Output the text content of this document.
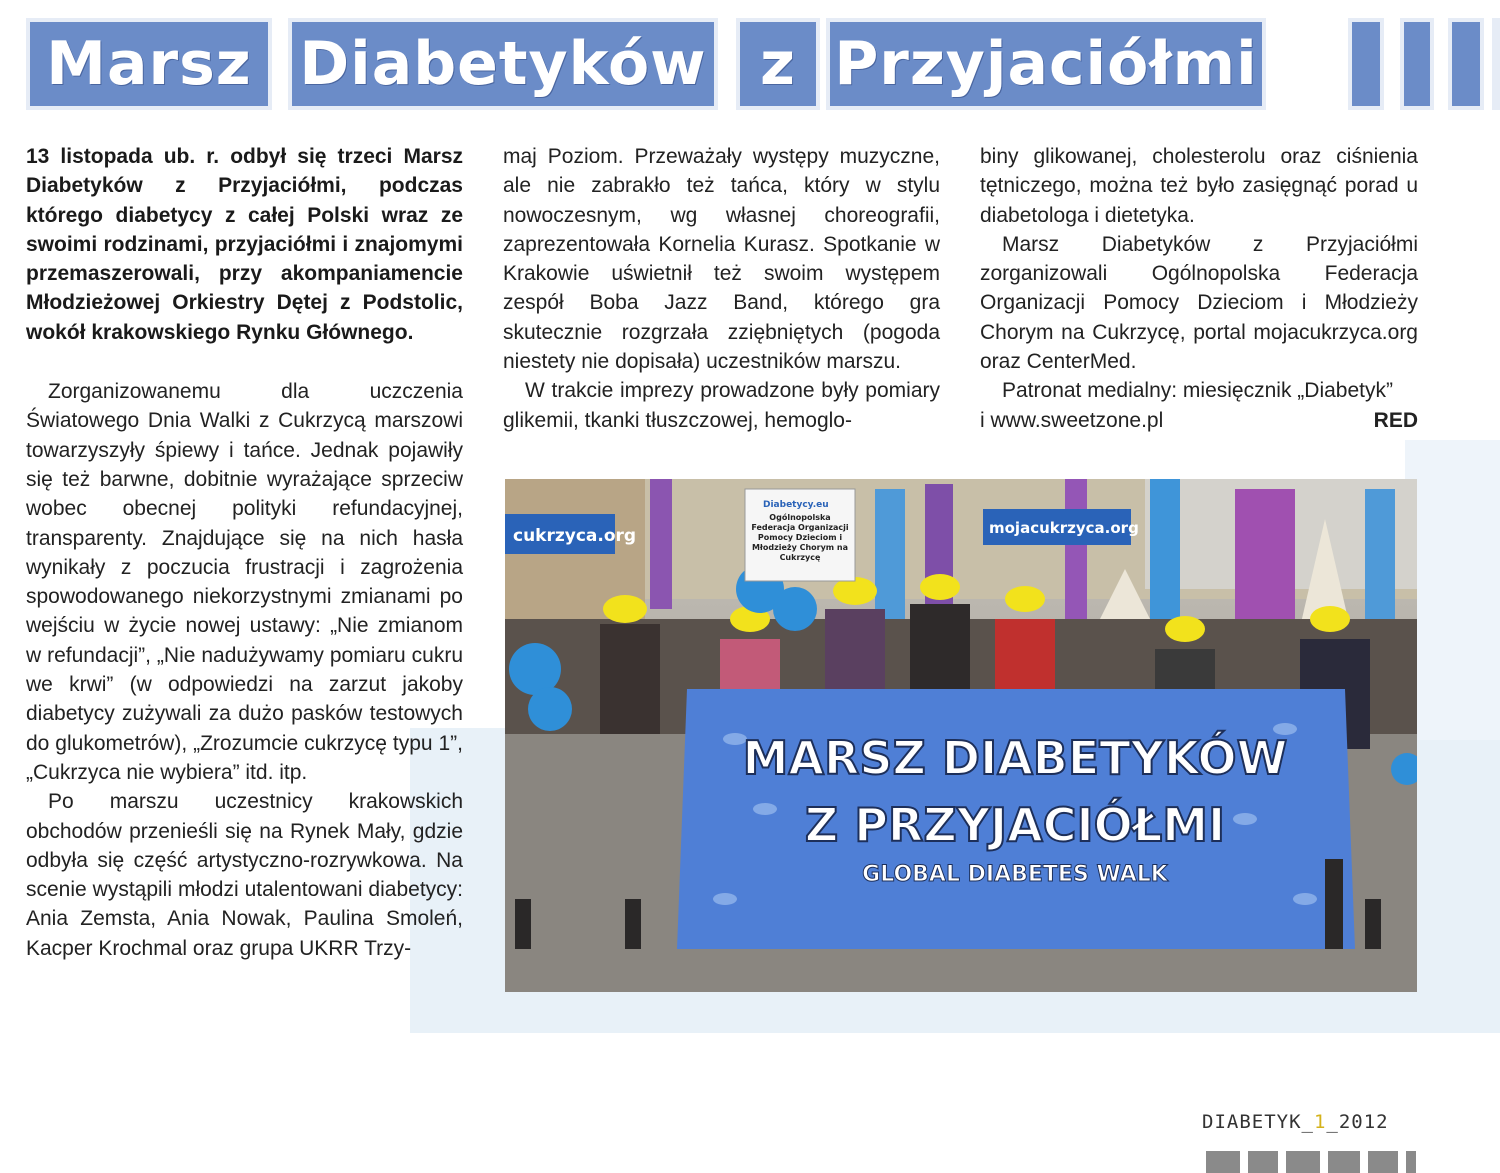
Marsz Diabetyków z Przyjaciółmi

13 listopada ub. r. odbył się trzeci Marsz Diabetyków z Przyjaciółmi, podczas którego diabetycy z całej Polski wraz ze swoimi rodzinami, przyjaciółmi i znajomymi przemaszerowali, przy akompaniamencie Młodzieżowej Orkiestry Dętej z Podstolic, wokół krakowskiego Rynku Głównego.

Zorganizowanemu dla uczczenia Światowego Dnia Walki z Cukrzycą marszowi towarzyszyły śpiewy i tańce. Jednak pojawiły się też barwne, dobitnie wyrażające sprzeciw wobec obecnej polityki refundacyjnej, transparenty. Znajdujące się na nich hasła wynikały z poczucia frustracji i zagrożenia spowodowanego niekorzystnymi zmianami po wejściu w życie nowej ustawy: „Nie zmianom w refundacji”, „Nie nadużywamy pomiaru cukru we krwi” (w odpowiedzi na zarzut jakoby diabetycy zużywali za dużo pasków testowych do glukometrów), „Zrozumcie cukrzycę typu 1”, „Cukrzyca nie wybiera” itd. itp.

Po marszu uczestnicy krakowskich obchodów przenieśli się na Rynek Mały, gdzie odbyła się część artystyczno-rozrywkowa. Na scenie wystąpili młodzi utalentowani diabetycy: Ania Zemsta, Ania Nowak, Paulina Smoleń, Kacper Krochmal oraz grupa UKRR Trzy-

maj Poziom. Przeważały występy muzyczne, ale nie zabrakło też tańca, który w stylu nowoczesnym, wg własnej choreografii, zaprezentowała Kornelia Kurasz. Spotkanie w Krakowie uświetnił też swoim występem zespół Boba Jazz Band, którego gra skutecznie rozgrzała zziębniętych (pogoda niestety nie dopisała) uczestników marszu.

W trakcie imprezy prowadzone były pomiary glikemii, tkanki tłuszczowej, hemoglo-

biny glikowanej, cholesterolu oraz ciśnienia tętniczego, można też było zasięgnąć porad u diabetologa i dietetyka.

Marsz Diabetyków z Przyjaciółmi zorganizowali Ogólnopolska Federacja Organizacji Pomocy Dzieciom i Młodzieży Chorym na Cukrzycę, portal mojacukrzyca.org oraz CenterMed.

Patronat medialny: miesięcznik „Diabetyk”

i www.sweetzone.pl	RED
cukrzyca.org	mojacukrzyca.org
Diabetycy.eu
Ogólnopolska Federacja Organizacji Pomocy Dzieciom i Młodzieży Chorym na Cukrzycę
MARSZ DIABETYKÓW
Z PRZYJACIÓŁMI
GLOBAL DIABETES WALK
DIABETYK_1_2012
